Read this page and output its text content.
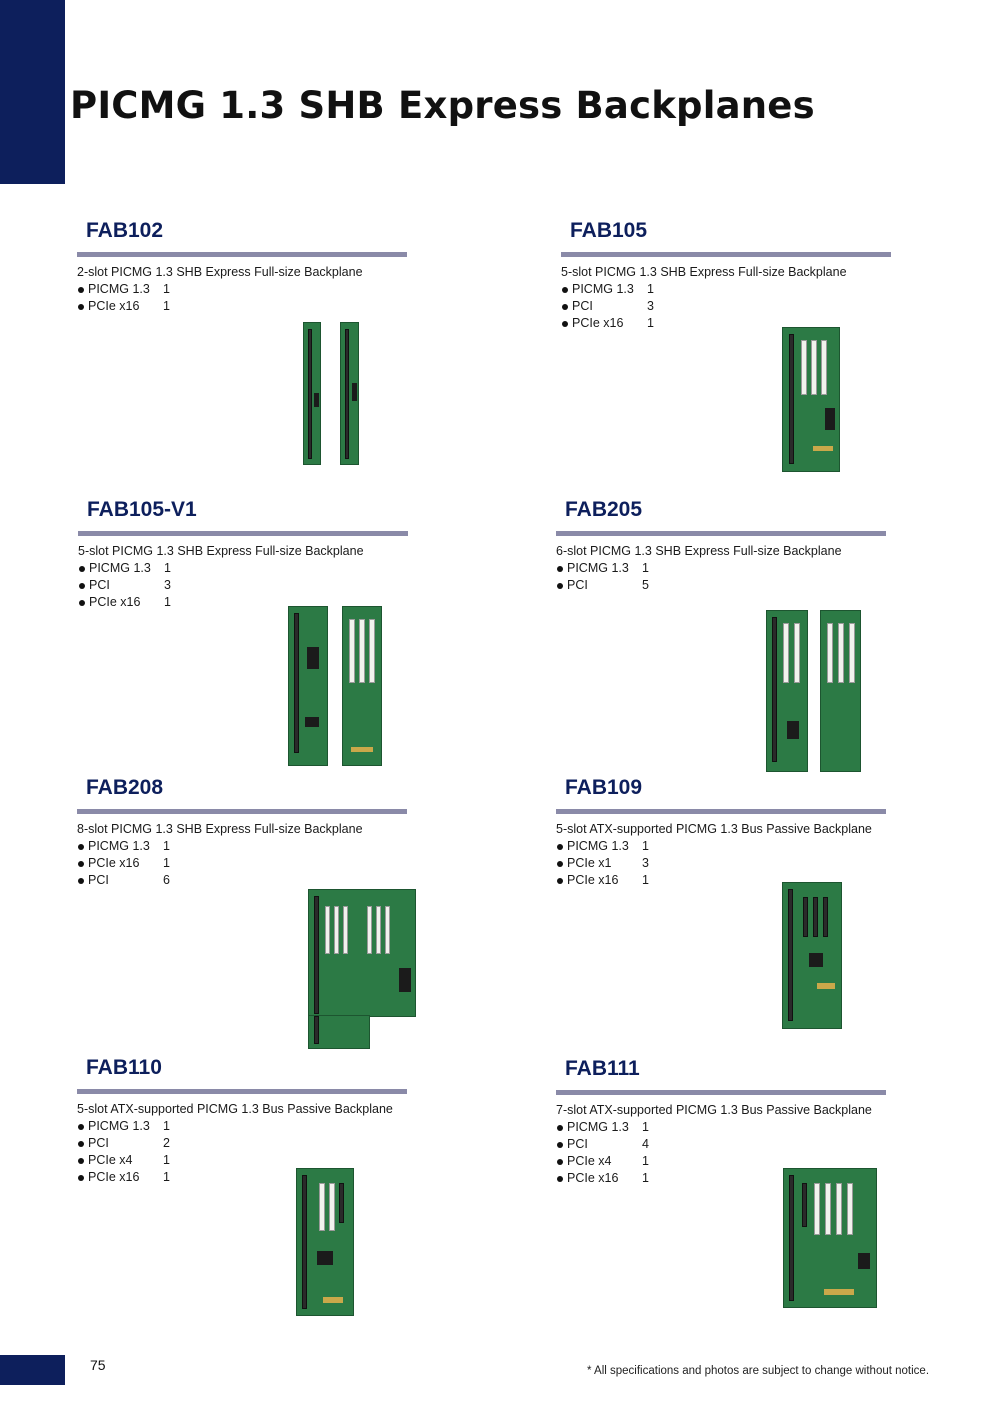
PICMG 1.3 SHB Express Backplanes
FAB102
2-slot PICMG 1.3 SHB Express Full-size Backplane
PICMG 1.3 1
PCIe x16 1
FAB105
5-slot PICMG 1.3 SHB Express Full-size Backplane
PICMG 1.3 1
PCI	3
PCIe x16 1
FAB105-V1
5-slot PICMG 1.3 SHB Express Full-size Backplane
PICMG 1.3 1
PCI	3
PCIe x16 1
FAB205
6-slot PICMG 1.3 SHB Express Full-size Backplane
PICMG 1.3 1
PCI	5
FAB208
8-slot PICMG 1.3 SHB Express Full-size Backplane
PICMG 1.3 1
PCIe x16 1
PCI	6
FAB109
5-slot ATX-supported PICMG 1.3 Bus Passive Backplane
PICMG 1.3 1
PCIe x1 3
PCIe x16 1
FAB110
5-slot ATX-supported PICMG 1.3 Bus Passive Backplane
PICMG 1.3 1
PCI	2
PCIe x4 1
PCIe x16 1
FAB111
7-slot ATX-supported PICMG 1.3 Bus Passive Backplane
PICMG 1.3 1
PCI	4
PCIe x4 1
PCIe x16 1
75	* All specifications and photos are subject to change without notice.
